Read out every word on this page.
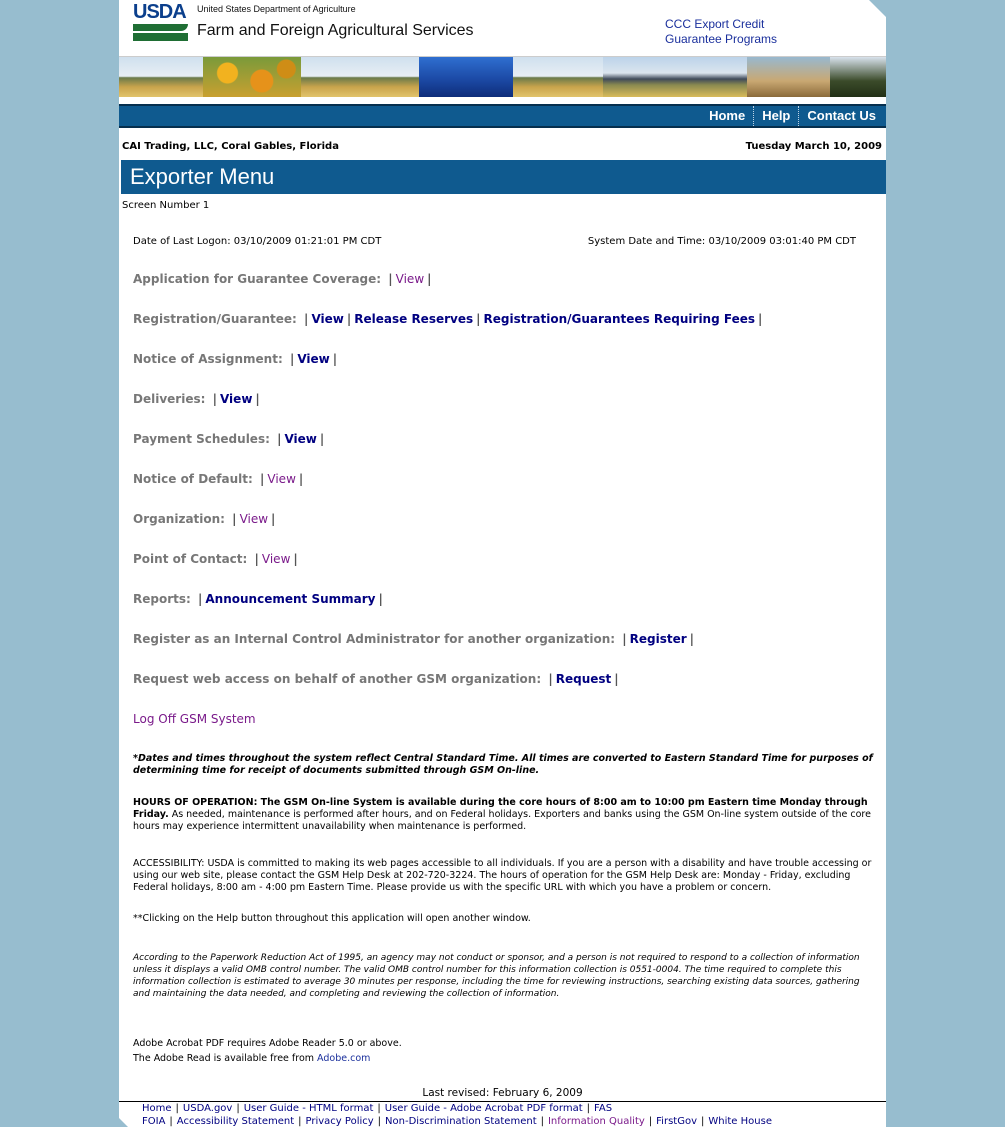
USDA United States Department of Agriculture
Farm and Foreign Agricultural Services	CCC Export Credit
Guarantee Programs
Home	Help	Contact Us
CAI Trading, LLC, Coral Gables, Florida	Tuesday March 10, 2009
Exporter Menu
Screen Number 1
Date of Last Logon: 03/10/2009 01:21:01 PM CDT	System Date and Time: 03/10/2009 03:01:40 PM CDT
Application for Guarantee Coverage: | View |
Registration/Guarantee: | View | Release Reserves | Registration/Guarantees Requiring Fees |
Notice of Assignment: | View |
Deliveries: | View |
Payment Schedules: | View |
Notice of Default: | View |
Organization: | View |
Point of Contact: | View |
Reports: | Announcement Summary |
Register as an Internal Control Administrator for another organization: | Register |
Request web access on behalf of another GSM organization: | Request |
Log Off GSM System
*Dates and times throughout the system reflect Central Standard Time. All times are converted to Eastern Standard Time for purposes of determining time for receipt of documents submitted through GSM On-line.
HOURS OF OPERATION: The GSM On-line System is available during the core hours of 8:00 am to 10:00 pm Eastern time Monday through Friday. As needed, maintenance is performed after hours, and on Federal holidays. Exporters and banks using the GSM On-line system outside of the core hours may experience intermittent unavailability when maintenance is performed.
ACCESSIBILITY: USDA is committed to making its web pages accessible to all individuals. If you are a person with a disability and have trouble accessing or using our web site, please contact the GSM Help Desk at 202-720-3224. The hours of operation for the GSM Help Desk are: Monday - Friday, excluding Federal holidays, 8:00 am - 4:00 pm Eastern Time. Please provide us with the specific URL with which you have a problem or concern.
**Clicking on the Help button throughout this application will open another window.
According to the Paperwork Reduction Act of 1995, an agency may not conduct or sponsor, and a person is not required to respond to a collection of information unless it displays a valid OMB control number. The valid OMB control number for this information collection is 0551-0004. The time required to complete this information collection is estimated to average 30 minutes per response, including the time for reviewing instructions, searching existing data sources, gathering and maintaining the data needed, and completing and reviewing the collection of information.
Adobe Acrobat PDF requires Adobe Reader 5.0 or above.
The Adobe Read is available free from Adobe.com
Last revised: February 6, 2009
Home | USDA.gov | User Guide - HTML format | User Guide - Adobe Acrobat PDF format | FAS
FOIA | Accessibility Statement | Privacy Policy | Non-Discrimination Statement | Information Quality | FirstGov | White House
